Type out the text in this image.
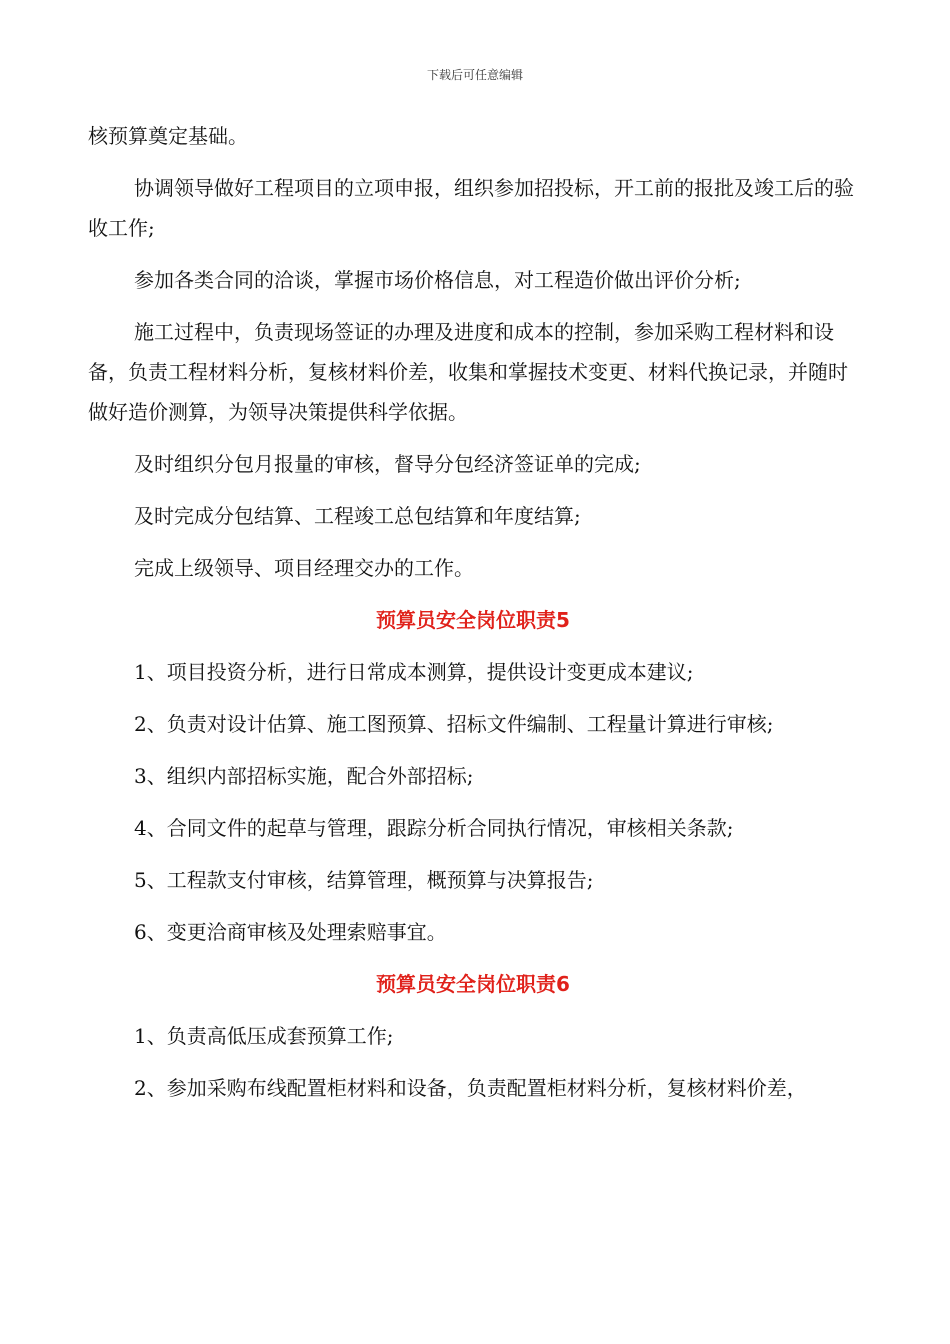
下载后可任意编辑

核预算奠定基础。

协调领导做好工程项目的立项申报，组织参加招投标，开工前的报批及竣工后的验收工作;

参加各类合同的洽谈，掌握市场价格信息，对工程造价做出评价分析;

施工过程中，负责现场签证的办理及进度和成本的控制，参加采购工程材料和设备，负责工程材料分析，复核材料价差，收集和掌握技术变更、材料代换记录，并随时做好造价测算，为领导决策提供科学依据。

及时组织分包月报量的审核，督导分包经济签证单的完成;

及时完成分包结算、工程竣工总包结算和年度结算;

完成上级领导、项目经理交办的工作。

预算员安全岗位职责5

1、项目投资分析，进行日常成本测算，提供设计变更成本建议;

2、负责对设计估算、施工图预算、招标文件编制、工程量计算进行审核;

3、组织内部招标实施，配合外部招标;

4、合同文件的起草与管理，跟踪分析合同执行情况，审核相关条款;

5、工程款支付审核，结算管理，概预算与决算报告;

6、变更洽商审核及处理索赔事宜。

预算员安全岗位职责6

1、负责高低压成套预算工作;

2、参加采购布线配置柜材料和设备，负责配置柜材料分析，复核材料价差，
